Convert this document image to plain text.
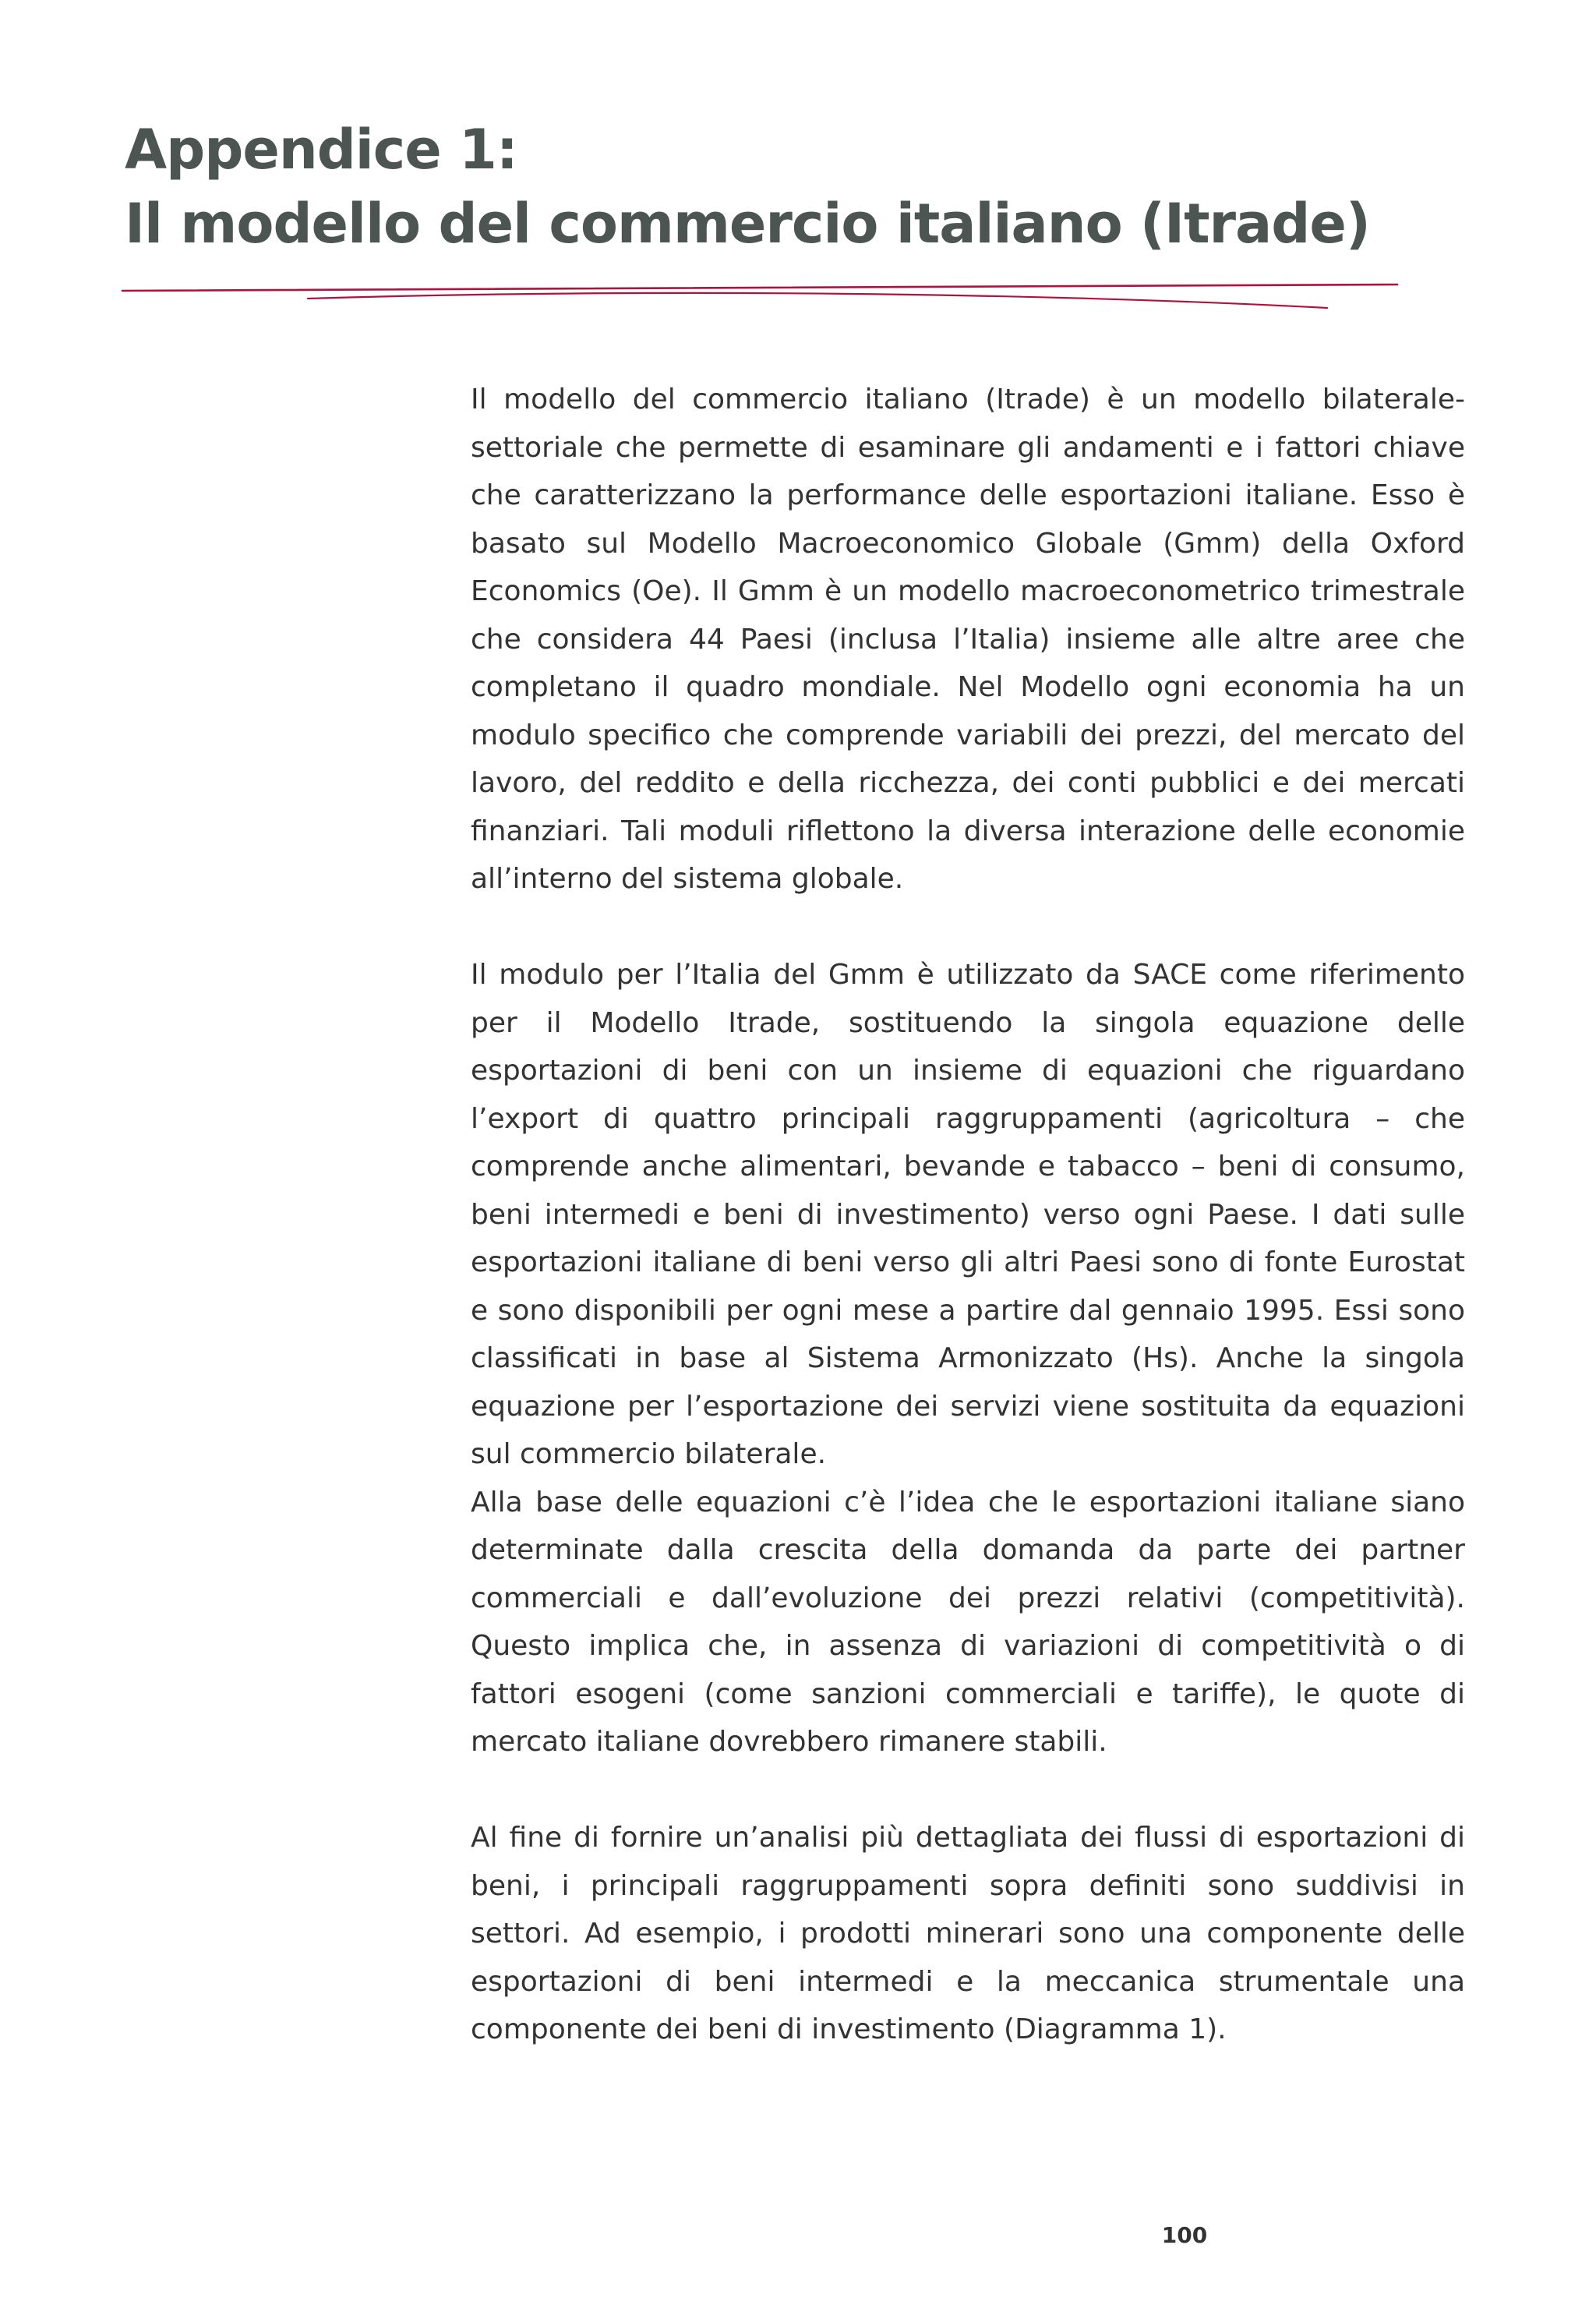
Appendice 1:
Il modello del commercio italiano (Itrade)

Il modello del commercio italiano (Itrade) è un modello bilaterale-settoriale che permette di esaminare gli andamenti e i fattori chiave che caratterizzano la performance delle esportazioni italiane. Esso è basato sul Modello Macroeconomico Globale (Gmm) della Oxford Economics (Oe). Il Gmm è un modello macroeconometrico trimestrale che considera 44 Paesi (inclusa l’Italia) insieme alle altre aree che completano il quadro mondiale. Nel Modello ogni economia ha un modulo specifico che comprende variabili dei prezzi, del mercato del lavoro, del reddito e della ricchezza, dei conti pubblici e dei mercati finanziari. Tali moduli riflettono la diversa interazione delle economie all’interno del sistema globale.

Il modulo per l’Italia del Gmm è utilizzato da SACE come riferimento per il Modello Itrade, sostituendo la singola equazione delle esportazioni di beni con un insieme di equazioni che riguardano l’export di quattro principali raggruppamenti (agricoltura – che comprende anche alimentari, bevande e tabacco – beni di consumo, beni intermedi e beni di investimento) verso ogni Paese. I dati sulle esportazioni italiane di beni verso gli altri Paesi sono di fonte Eurostat e sono disponibili per ogni mese a partire dal gennaio 1995. Essi sono classificati in base al Sistema Armonizzato (Hs). Anche la singola equazione per l’esportazione dei servizi viene sostituita da equazioni sul commercio bilaterale.

Alla base delle equazioni c’è l’idea che le esportazioni italiane siano determinate dalla crescita della domanda da parte dei partner commerciali e dall’evoluzione dei prezzi relativi (competitività). Questo implica che, in assenza di variazioni di competitività o di fattori esogeni (come sanzioni commerciali e tariffe), le quote di mercato italiane dovrebbero rimanere stabili.

Al fine di fornire un’analisi più dettagliata dei flussi di esportazioni di beni, i principali raggruppamenti sopra definiti sono suddivisi in settori. Ad esempio, i prodotti minerari sono una componente delle esportazioni di beni intermedi e la meccanica strumentale una componente dei beni di investimento (Diagramma 1).

100
